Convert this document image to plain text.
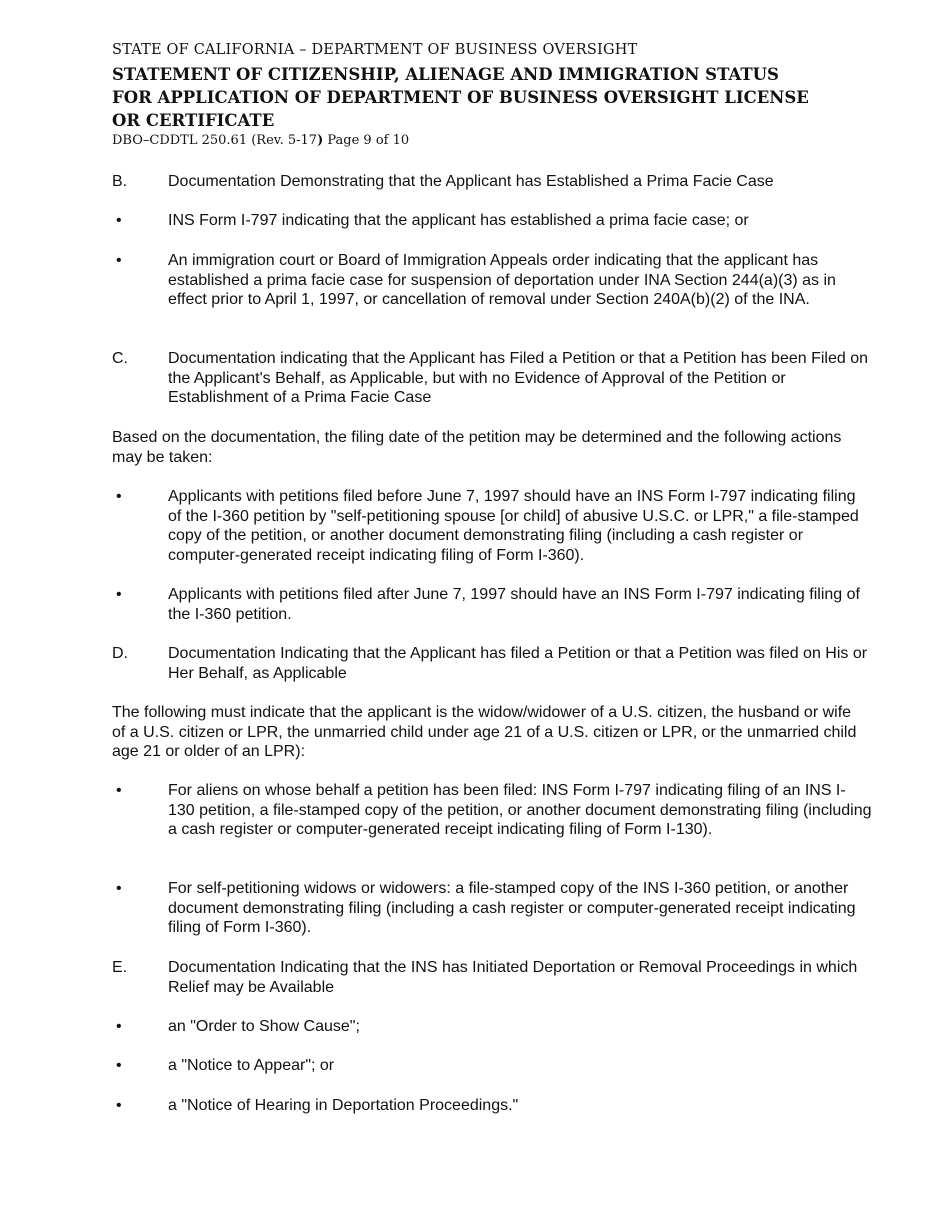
STATE OF CALIFORNIA – DEPARTMENT OF BUSINESS OVERSIGHT
STATEMENT OF CITIZENSHIP, ALIENAGE AND IMMIGRATION STATUS
FOR APPLICATION OF DEPARTMENT OF BUSINESS OVERSIGHT LICENSE
OR CERTIFICATE
DBO–CDDTL 250.61 (Rev. 5-17) Page 9 of 10
B.	Documentation Demonstrating that the Applicant has Established a Prima Facie Case
•	INS Form I-797 indicating that the applicant has established a prima facie case; or
•	An immigration court or Board of Immigration Appeals order indicating that the applicant has established a prima facie case for suspension of deportation under INA Section 244(a)(3) as in effect prior to April 1, 1997, or cancellation of removal under Section 240A(b)(2) of the INA.
C.	Documentation indicating that the Applicant has Filed a Petition or that a Petition has been Filed on the Applicant's Behalf, as Applicable, but with no Evidence of Approval of the Petition or Establishment of a Prima Facie Case
Based on the documentation, the filing date of the petition may be determined and the following actions may be taken:
•	Applicants with petitions filed before June 7, 1997 should have an INS Form I-797 indicating filing of the I-360 petition by "self-petitioning spouse [or child] of abusive U.S.C. or LPR," a file-stamped copy of the petition, or another document demonstrating filing (including a cash register or computer-generated receipt indicating filing of Form I-360).
•	Applicants with petitions filed after June 7, 1997 should have an INS Form I-797 indicating filing of the I-360 petition.
D.	Documentation Indicating that the Applicant has filed a Petition or that a Petition was filed on His or Her Behalf, as Applicable
The following must indicate that the applicant is the widow/widower of a U.S. citizen, the husband or wife of a U.S. citizen or LPR, the unmarried child under age 21 of a U.S. citizen or LPR, or the unmarried child age 21 or older of an LPR):
•	For aliens on whose behalf a petition has been filed: INS Form I-797 indicating filing of an INS I-130 petition, a file-stamped copy of the petition, or another document demonstrating filing (including a cash register or computer-generated receipt indicating filing of Form I-130).
•	For self-petitioning widows or widowers: a file-stamped copy of the INS I-360 petition, or another document demonstrating filing (including a cash register or computer-generated receipt indicating filing of Form I-360).
E.	Documentation Indicating that the INS has Initiated Deportation or Removal Proceedings in which Relief may be Available
•	an "Order to Show Cause";
•	a "Notice to Appear"; or
•	a "Notice of Hearing in Deportation Proceedings."
